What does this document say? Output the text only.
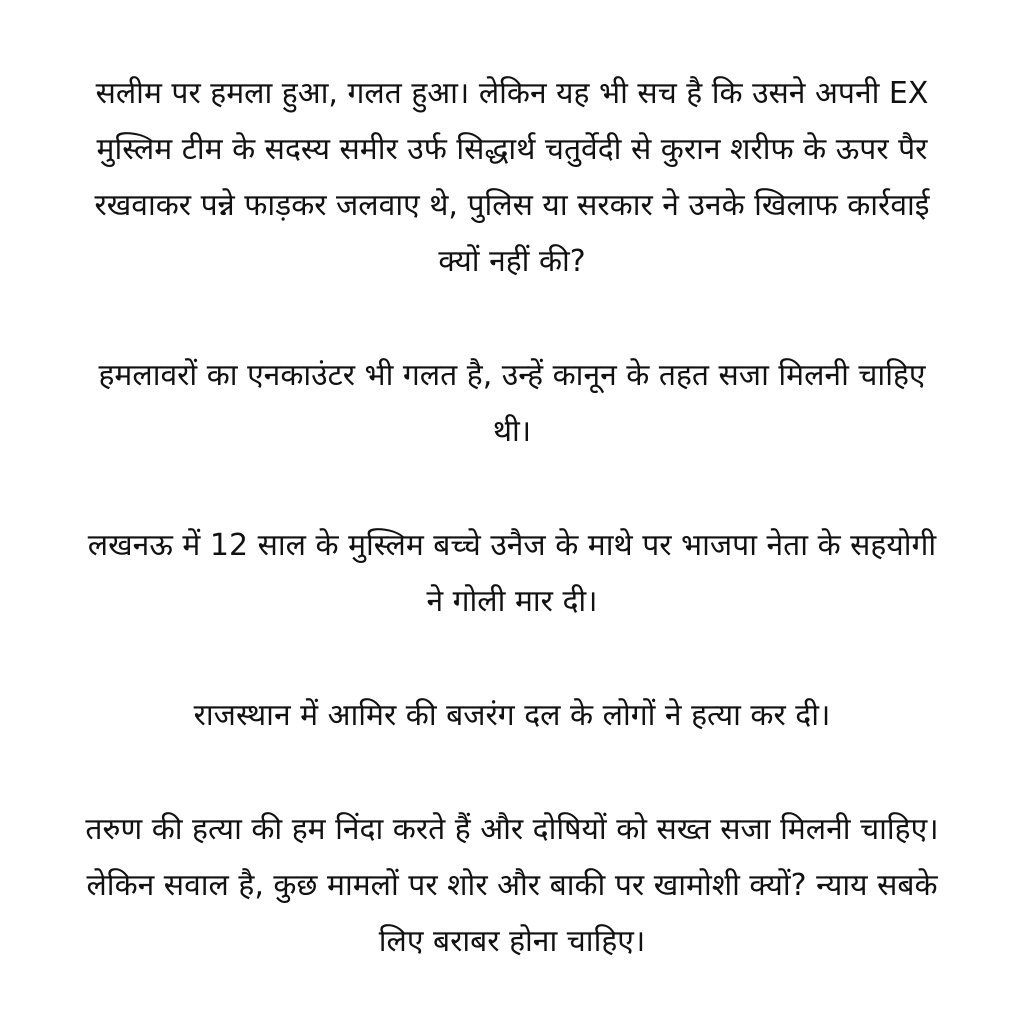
सलीम पर हमला हुआ, गलत हुआ। लेकिन यह भी सच है कि उसने अपनी EX
मुस्लिम टीम के सदस्य समीर उर्फ सिद्धार्थ चतुर्वेदी से कुरान शरीफ के ऊपर पैर
रखवाकर पन्ने फाड़कर जलवाए थे, पुलिस या सरकार ने उनके खिलाफ कार्रवाई
क्यों नहीं की?
हमलावरों का एनकाउंटर भी गलत है, उन्हें कानून के तहत सजा मिलनी चाहिए
थी।
लखनऊ में 12 साल के मुस्लिम बच्चे उनैज के माथे पर भाजपा नेता के सहयोगी
ने गोली मार दी।
राजस्थान में आमिर की बजरंग दल के लोगों ने हत्या कर दी।
तरुण की हत्या की हम निंदा करते हैं और दोषियों को सख्त सजा मिलनी चाहिए।
लेकिन सवाल है, कुछ मामलों पर शोर और बाकी पर खामोशी क्यों? न्याय सबके
लिए बराबर होना चाहिए।
